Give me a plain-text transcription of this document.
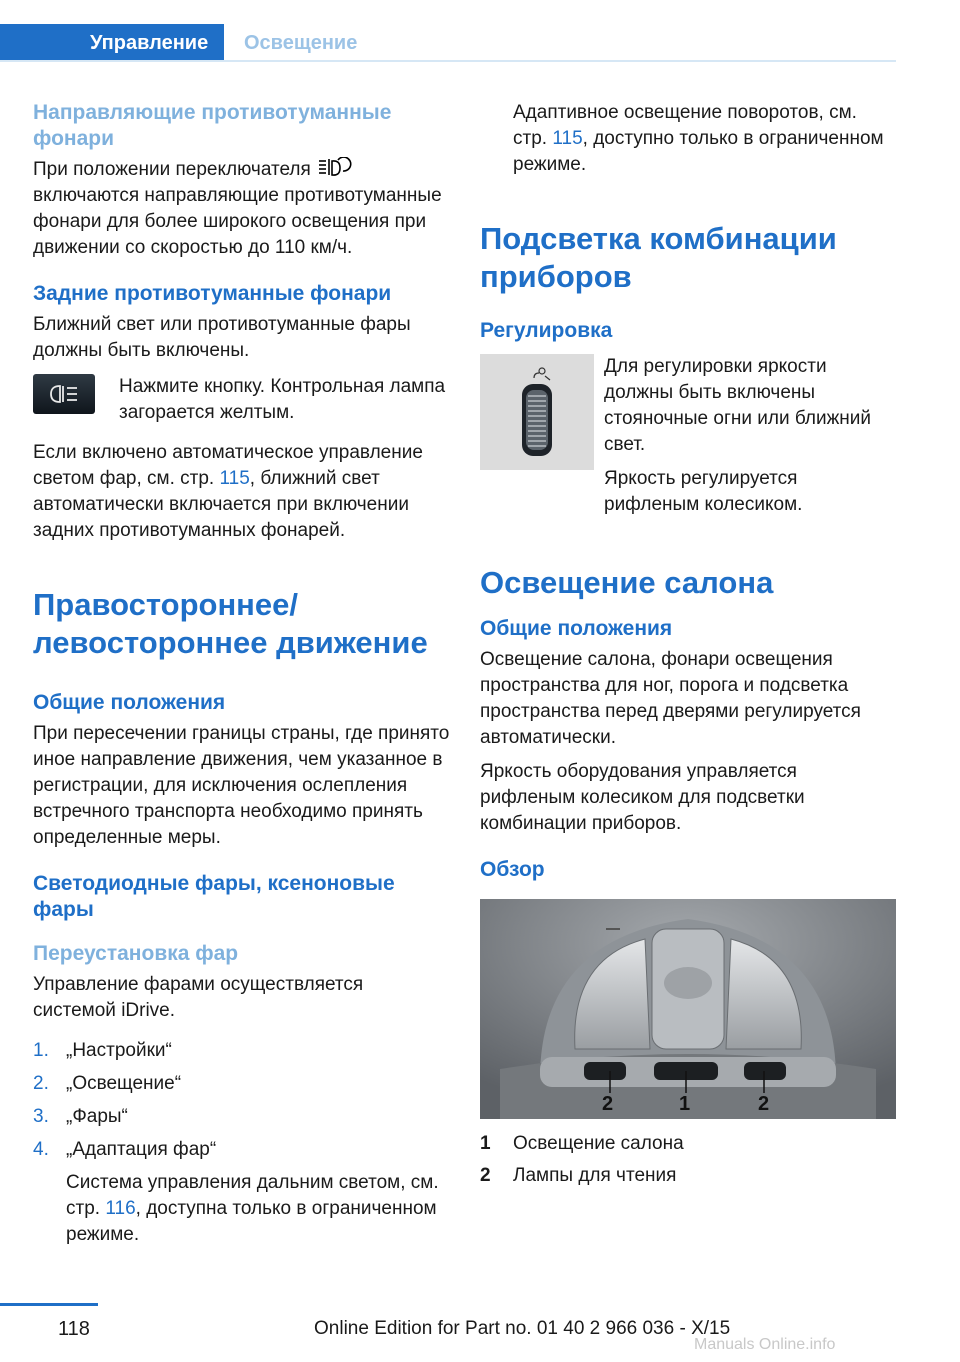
Управление	Освещение
Направляющие противотуманные фонари

При положении переключателя  включаются направляющие противотуманные фонари для более широкого освещения при движении со скоростью до 110 км/ч.

Задние противотуманные фонари

Ближний свет или противотуманные фары должны быть включены.

Нажмите кнопку. Контрольная лампа загорается желтым.

Если включено автоматическое управление светом фар, см. стр. 115, ближний свет автоматически включается при включении задних противотуманных фонарей.

Правостороннее/ левостороннее движение
Общие положения

При пересечении границы страны, где принято иное направление движения, чем указанное в регистрации, для исключения ослепления встречного транспорта необходимо принять определенные меры.

Светодиодные фары, ксеноновые фары
Переустановка фар

Управление фарами осуществляется системой iDrive.

1. „Настройки“
2. „Освещение“
3. „Фары“
4. „Адаптация фар“

Система управления дальним светом, см. стр. 116, доступна только в ограниченном режиме.

Адаптивное освещение поворотов, см. стр. 115, доступно только в ограниченном режиме.

Подсветка комбинации приборов
Регулировка

Для регулировки яркости должны быть включены стояночные огни или ближний свет.

Яркость регулируется рифленым колесиком.

Освещение салона
Общие положения

Освещение салона, фонари освещения пространства для ног, порога и подсветка пространства перед дверями регулируется автоматически.

Яркость оборудования управляется рифленым колесиком для подсветки комбинации приборов.

Обзор
2	1	2
1	Освещение салона
2	Лампы для чтения
118	Online Edition for Part no. 01 40 2 966 036 - X/15
Manuals Online.info
